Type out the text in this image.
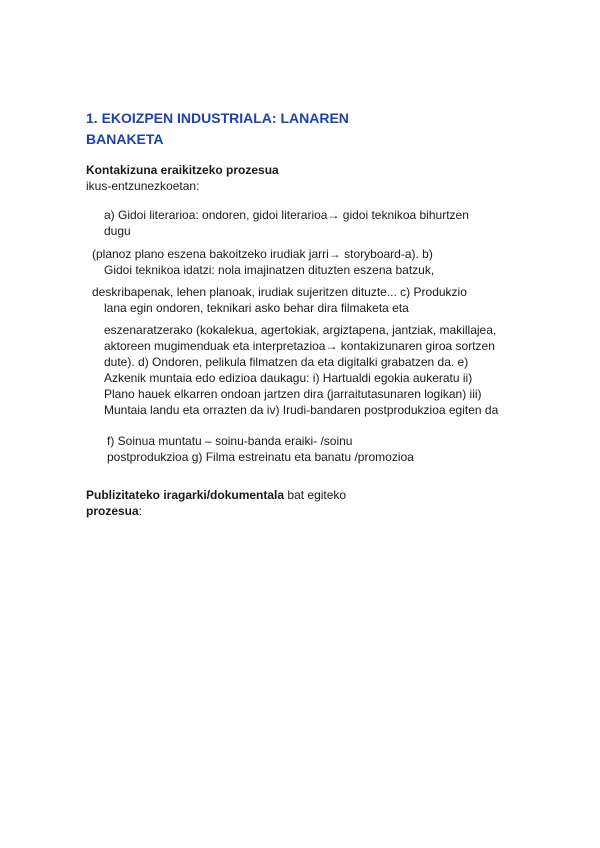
1. EKOIZPEN INDUSTRIALA: LANAREN
BANAKETA

Kontakizuna eraikitzeko prozesua

ikus-entzunezkoetan:

a) Gidoi literarioa: ondoren, gidoi literarioa→ gidoi teknikoa bihurtzen

dugu

(planoz plano eszena bakoitzeko irudiak jarri→ storyboard-a). b)

Gidoi teknikoa idatzi: nola imajinatzen dituzten eszena batzuk,

deskribapenak, lehen planoak, irudiak sujeritzen dituzte... c) Produkzio

lana egin ondoren, teknikari asko behar dira filmaketa eta

eszenaratzerako (kokalekua, agertokiak, argiztapena, jantziak, makillajea,

aktoreen mugimenduak eta interpretazioa→ kontakizunaren giroa sortzen

dute). d) Ondoren, pelikula filmatzen da eta digitalki grabatzen da. e)

Azkenik muntaia edo edizioa daukagu: i) Hartualdi egokia aukeratu ii)

Plano hauek elkarren ondoan jartzen dira (jarraitutasunaren logikan) iii)

Muntaia landu eta orrazten da iv) Irudi-bandaren postprodukzioa egiten da

f) Soinua muntatu – soinu-banda eraiki- /soinu

postprodukzioa g) Filma estreinatu eta banatu /promozioa

Publizitateko iragarki/dokumentala bat egiteko

prozesua:
